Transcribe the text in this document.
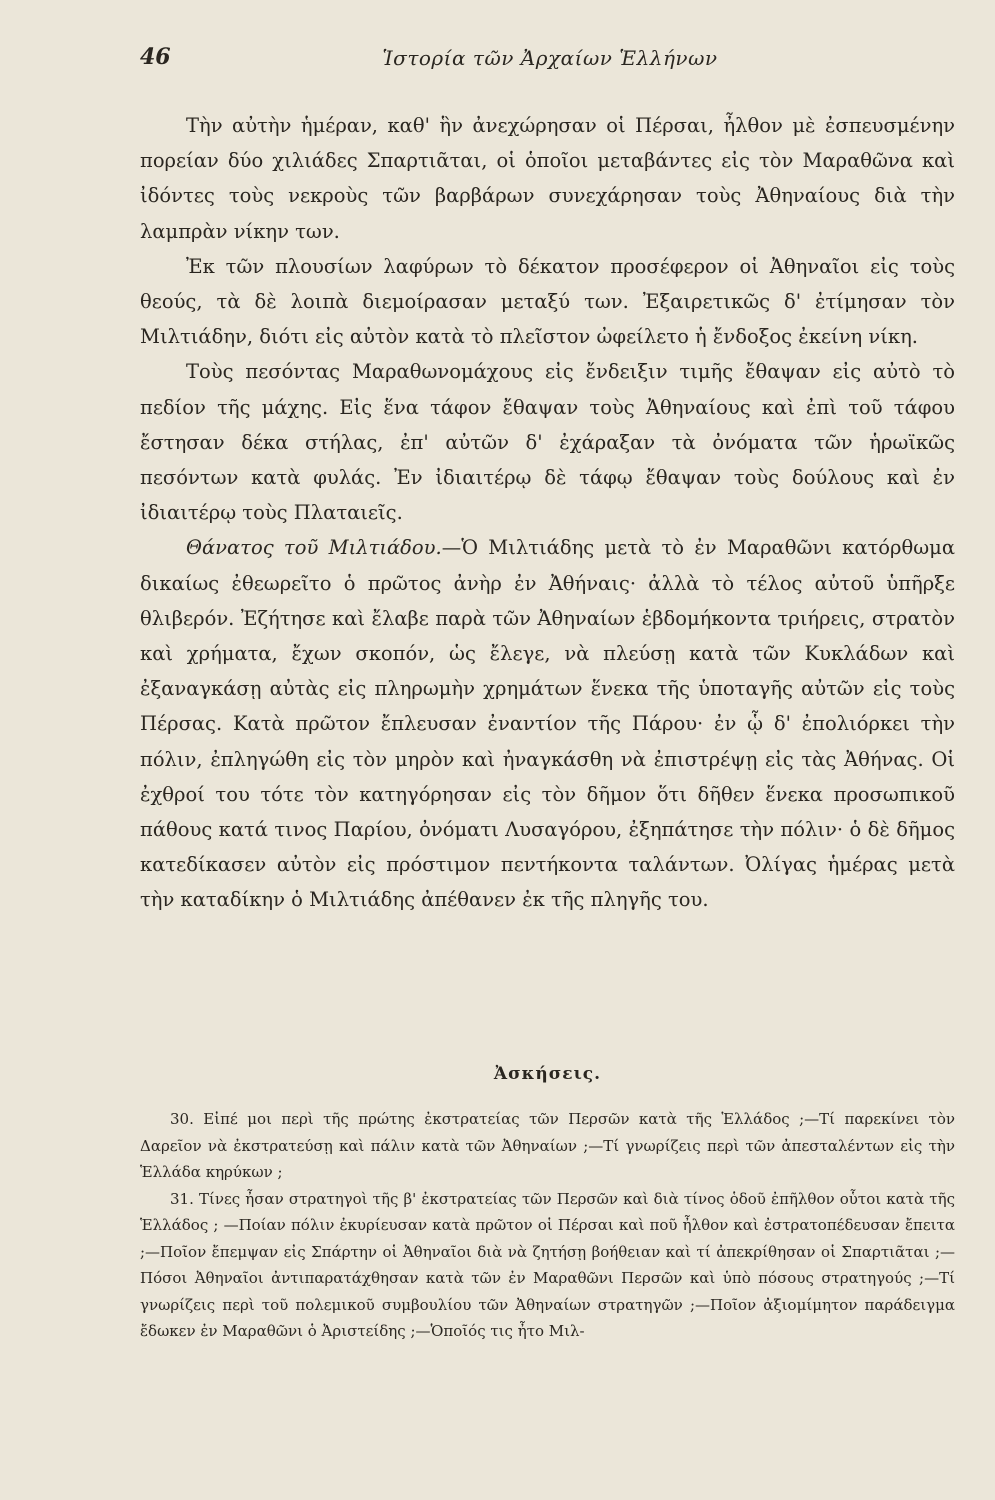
46	Ἱστορία τῶν Ἀρχαίων Ἑλλήνων

Τὴν αὐτὴν ἡμέραν, καθ' ἣν ἀνεχώρησαν οἱ Πέρσαι, ἦλθον μὲ ἐσπευσμένην πορείαν δύο χιλιάδες Σπαρτιᾶται, οἱ ὁποῖοι μεταβάντες εἰς τὸν Μαραθῶνα καὶ ἰδόντες τοὺς νεκροὺς τῶν βαρβάρων συνεχάρησαν τοὺς Ἀθηναίους διὰ τὴν λαμπρὰν νίκην των.

Ἐκ τῶν πλουσίων λαφύρων τὸ δέκατον προσέφερον οἱ Ἀθηναῖοι εἰς τοὺς θεούς, τὰ δὲ λοιπὰ διεμοίρασαν μεταξύ των. Ἐξαιρετικῶς δ' ἐτίμησαν τὸν Μιλτιάδην, διότι εἰς αὐτὸν κατὰ τὸ πλεῖστον ὠφείλετο ἡ ἔνδοξος ἐκείνη νίκη.

Τοὺς πεσόντας Μαραθωνομάχους εἰς ἔνδειξιν τιμῆς ἔθαψαν εἰς αὐτὸ τὸ πεδίον τῆς μάχης. Εἰς ἕνα τάφον ἔθαψαν τοὺς Ἀθηναίους καὶ ἐπὶ τοῦ τάφου ἔστησαν δέκα στήλας, ἐπ' αὐτῶν δ' ἐχάραξαν τὰ ὀνόματα τῶν ἡρωϊκῶς πεσόντων κατὰ φυλάς. Ἐν ἰδιαιτέρῳ δὲ τάφῳ ἔθαψαν τοὺς δούλους καὶ ἐν ἰδιαιτέρῳ τοὺς Πλαταιεῖς.

Θάνατος τοῦ Μιλτιάδου.—Ὁ Μιλτιάδης μετὰ τὸ ἐν Μαραθῶνι κατόρθωμα δικαίως ἐθεωρεῖτο ὁ πρῶτος ἀνὴρ ἐν Ἀθήναις· ἀλλὰ τὸ τέλος αὐτοῦ ὑπῆρξε θλιβερόν. Ἐζήτησε καὶ ἔλαβε παρὰ τῶν Ἀθηναίων ἑβδομήκοντα τριήρεις, στρατὸν καὶ χρήματα, ἔχων σκοπόν, ὡς ἔλεγε, νὰ πλεύσῃ κατὰ τῶν Κυκλάδων καὶ ἐξαναγκάσῃ αὐτὰς εἰς πληρωμὴν χρημάτων ἕνεκα τῆς ὑποταγῆς αὐτῶν εἰς τοὺς Πέρσας. Κατὰ πρῶτον ἔπλευσαν ἐναντίον τῆς Πάρου· ἐν ᾧ δ' ἐπολιόρκει τὴν πόλιν, ἐπληγώθη εἰς τὸν μηρὸν καὶ ἠναγκάσθη νὰ ἐπιστρέψῃ εἰς τὰς Ἀθήνας. Οἱ ἐχθροί του τότε τὸν κατηγόρησαν εἰς τὸν δῆμον ὅτι δῆθεν ἕνεκα προσωπικοῦ πάθους κατά τινος Παρίου, ὀνόματι Λυσαγόρου, ἐξηπάτησε τὴν πόλιν· ὁ δὲ δῆμος κατεδίκασεν αὐτὸν εἰς πρόστιμον πεντήκοντα ταλάντων. Ὀλίγας ἡμέρας μετὰ τὴν καταδίκην ὁ Μιλτιάδης ἀπέθανεν ἐκ τῆς πληγῆς του.

Ἀσκήσεις.

30. Εἰπέ μοι περὶ τῆς πρώτης ἐκστρατείας τῶν Περσῶν κατὰ τῆς Ἑλλάδος ;—Τί παρεκίνει τὸν Δαρεῖον νὰ ἐκστρατεύσῃ καὶ πάλιν κατὰ τῶν Ἀθηναίων ;—Τί γνωρίζεις περὶ τῶν ἀπεσταλέντων εἰς τὴν Ἑλλάδα κηρύκων ;

31. Τίνες ἦσαν στρατηγοὶ τῆς β' ἐκστρατείας τῶν Περσῶν καὶ διὰ τίνος ὁδοῦ ἐπῆλθον οὗτοι κατὰ τῆς Ἑλλάδος ; —Ποίαν πόλιν ἐκυρίευσαν κατὰ πρῶτον οἱ Πέρσαι καὶ ποῦ ἦλθον καὶ ἐστρατοπέδευσαν ἔπειτα ;—Ποῖον ἔπεμψαν εἰς Σπάρτην οἱ Ἀθηναῖοι διὰ νὰ ζητήσῃ βοήθειαν καὶ τί ἀπεκρίθησαν οἱ Σπαρτιᾶται ;—Πόσοι Ἀθηναῖοι ἀντιπαρατάχθησαν κατὰ τῶν ἐν Μαραθῶνι Περσῶν καὶ ὑπὸ πόσους στρατηγούς ;—Τί γνωρίζεις περὶ τοῦ πολεμικοῦ συμβουλίου τῶν Ἀθηναίων στρατηγῶν ;—Ποῖον ἀξιομίμητον παράδειγμα ἔδωκεν ἐν Μαραθῶνι ὁ Ἀριστείδης ;—Ὁποῖός τις ἦτο Μιλ-
